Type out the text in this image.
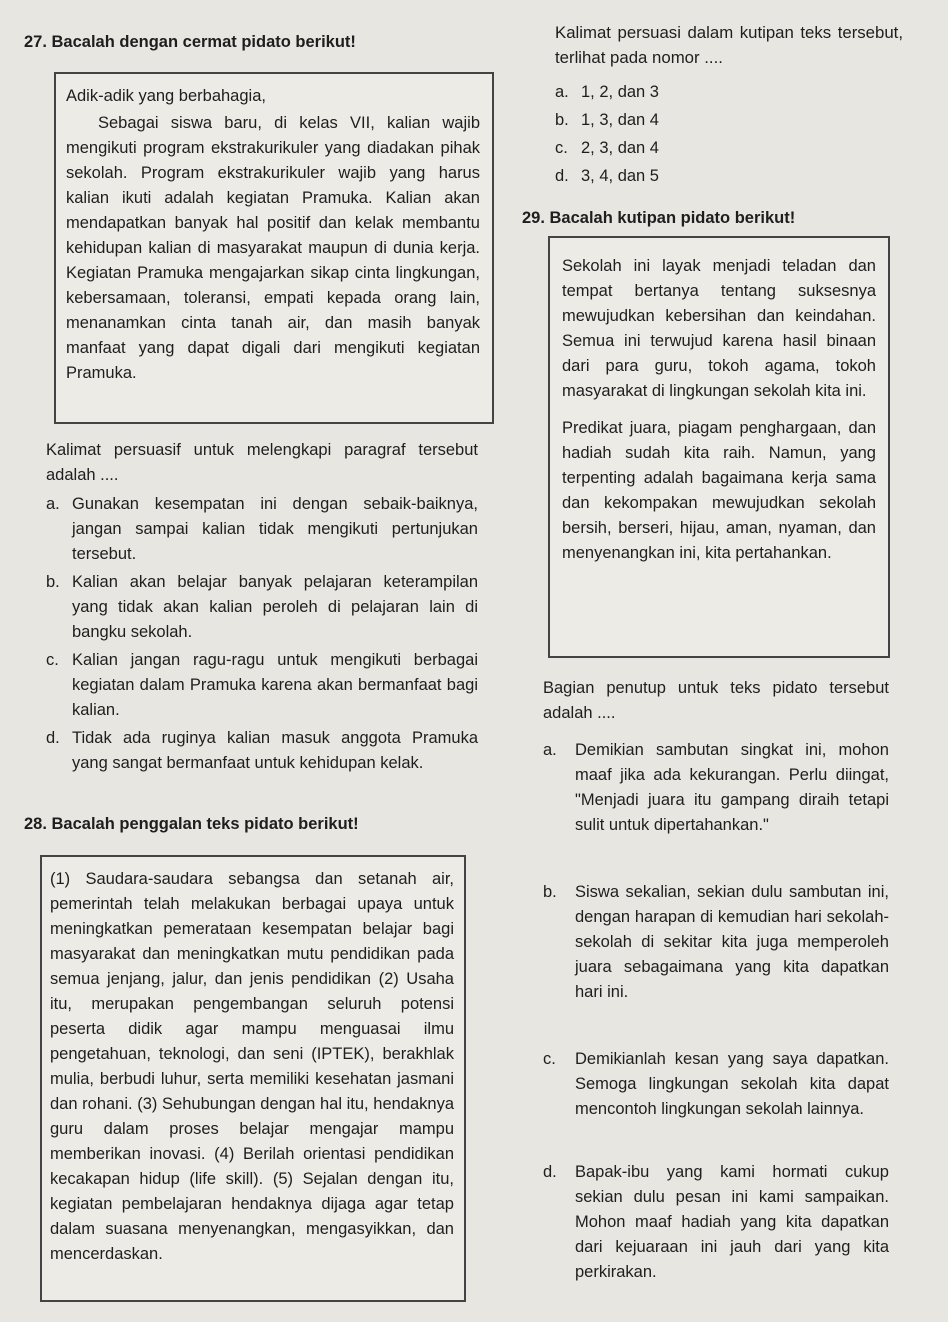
27. Bacalah dengan cermat pidato berikut!

Adik-adik yang berbahagia,

Sebagai siswa baru, di kelas VII, kalian wajib mengikuti program ekstrakurikuler yang diadakan pihak sekolah. Program ekstrakurikuler wajib yang harus kalian ikuti adalah kegiatan Pramuka. Kalian akan mendapatkan banyak hal positif dan kelak membantu kehidupan kalian di masyarakat maupun di dunia kerja. Kegiatan Pramuka mengajarkan sikap cinta lingkungan, kebersamaan, toleransi, empati kepada orang lain, menanamkan cinta tanah air, dan masih banyak manfaat yang dapat digali dari mengikuti kegiatan Pramuka.

Kalimat persuasif untuk melengkapi paragraf tersebut adalah ....
a. Gunakan kesempatan ini dengan sebaik-baiknya, jangan sampai kalian tidak mengikuti pertunjukan tersebut.
b. Kalian akan belajar banyak pelajaran keterampilan yang tidak akan kalian peroleh di pelajaran lain di bangku sekolah.
c. Kalian jangan ragu-ragu untuk mengikuti berbagai kegiatan dalam Pramuka karena akan bermanfaat bagi kalian.
d. Tidak ada ruginya kalian masuk anggota Pramuka yang sangat bermanfaat untuk kehidupan kelak.
28. Bacalah penggalan teks pidato berikut!

(1) Saudara-saudara sebangsa dan setanah air, pemerintah telah melakukan berbagai upaya untuk meningkatkan pemerataan kesempatan belajar bagi masyarakat dan meningkatkan mutu pendidikan pada semua jenjang, jalur, dan jenis pendidikan (2) Usaha itu, merupakan pengembangan seluruh potensi peserta didik agar mampu menguasai ilmu pengetahuan, teknologi, dan seni (IPTEK), berakhlak mulia, berbudi luhur, serta memiliki kesehatan jasmani dan rohani. (3) Sehubungan dengan hal itu, hendaknya guru dalam proses belajar mengajar mampu memberikan inovasi. (4) Berilah orientasi pendidikan kecakapan hidup (life skill). (5) Sejalan dengan itu, kegiatan pembelajaran hendaknya dijaga agar tetap dalam suasana menyenangkan, mengasyikkan, dan mencerdaskan.

Kalimat persuasi dalam kutipan teks tersebut, terlihat pada nomor ....
a. 1, 2, dan 3
b. 1, 3, dan 4
c. 2, 3, dan 4
d. 3, 4, dan 5
29. Bacalah kutipan pidato berikut!

Sekolah ini layak menjadi teladan dan tempat bertanya tentang suksesnya mewujudkan kebersihan dan keindahan. Semua ini terwujud karena hasil binaan dari para guru, tokoh agama, tokoh masyarakat di lingkungan sekolah kita ini.

Predikat juara, piagam penghargaan, dan hadiah sudah kita raih. Namun, yang terpenting adalah bagaimana kerja sama dan kekompakan mewujudkan sekolah bersih, berseri, hijau, aman, nyaman, dan menyenangkan ini, kita pertahankan.

Bagian penutup untuk teks pidato tersebut adalah ....
a.	Demikian sambutan singkat ini, mohon maaf jika ada kekurangan. Perlu diingat, "Menjadi juara itu gampang diraih tetapi sulit untuk dipertahankan."
b.	Siswa sekalian, sekian dulu sambutan ini, dengan harapan di kemudian hari sekolah-sekolah di sekitar kita juga memperoleh juara sebagaimana yang kita dapatkan hari ini.
c.	Demikianlah kesan yang saya dapatkan. Semoga lingkungan sekolah kita dapat mencontoh lingkungan sekolah lainnya.
d.	Bapak-ibu yang kami hormati cukup sekian dulu pesan ini kami sampaikan. Mohon maaf hadiah yang kita dapatkan dari kejuaraan ini jauh dari yang kita perkirakan.
